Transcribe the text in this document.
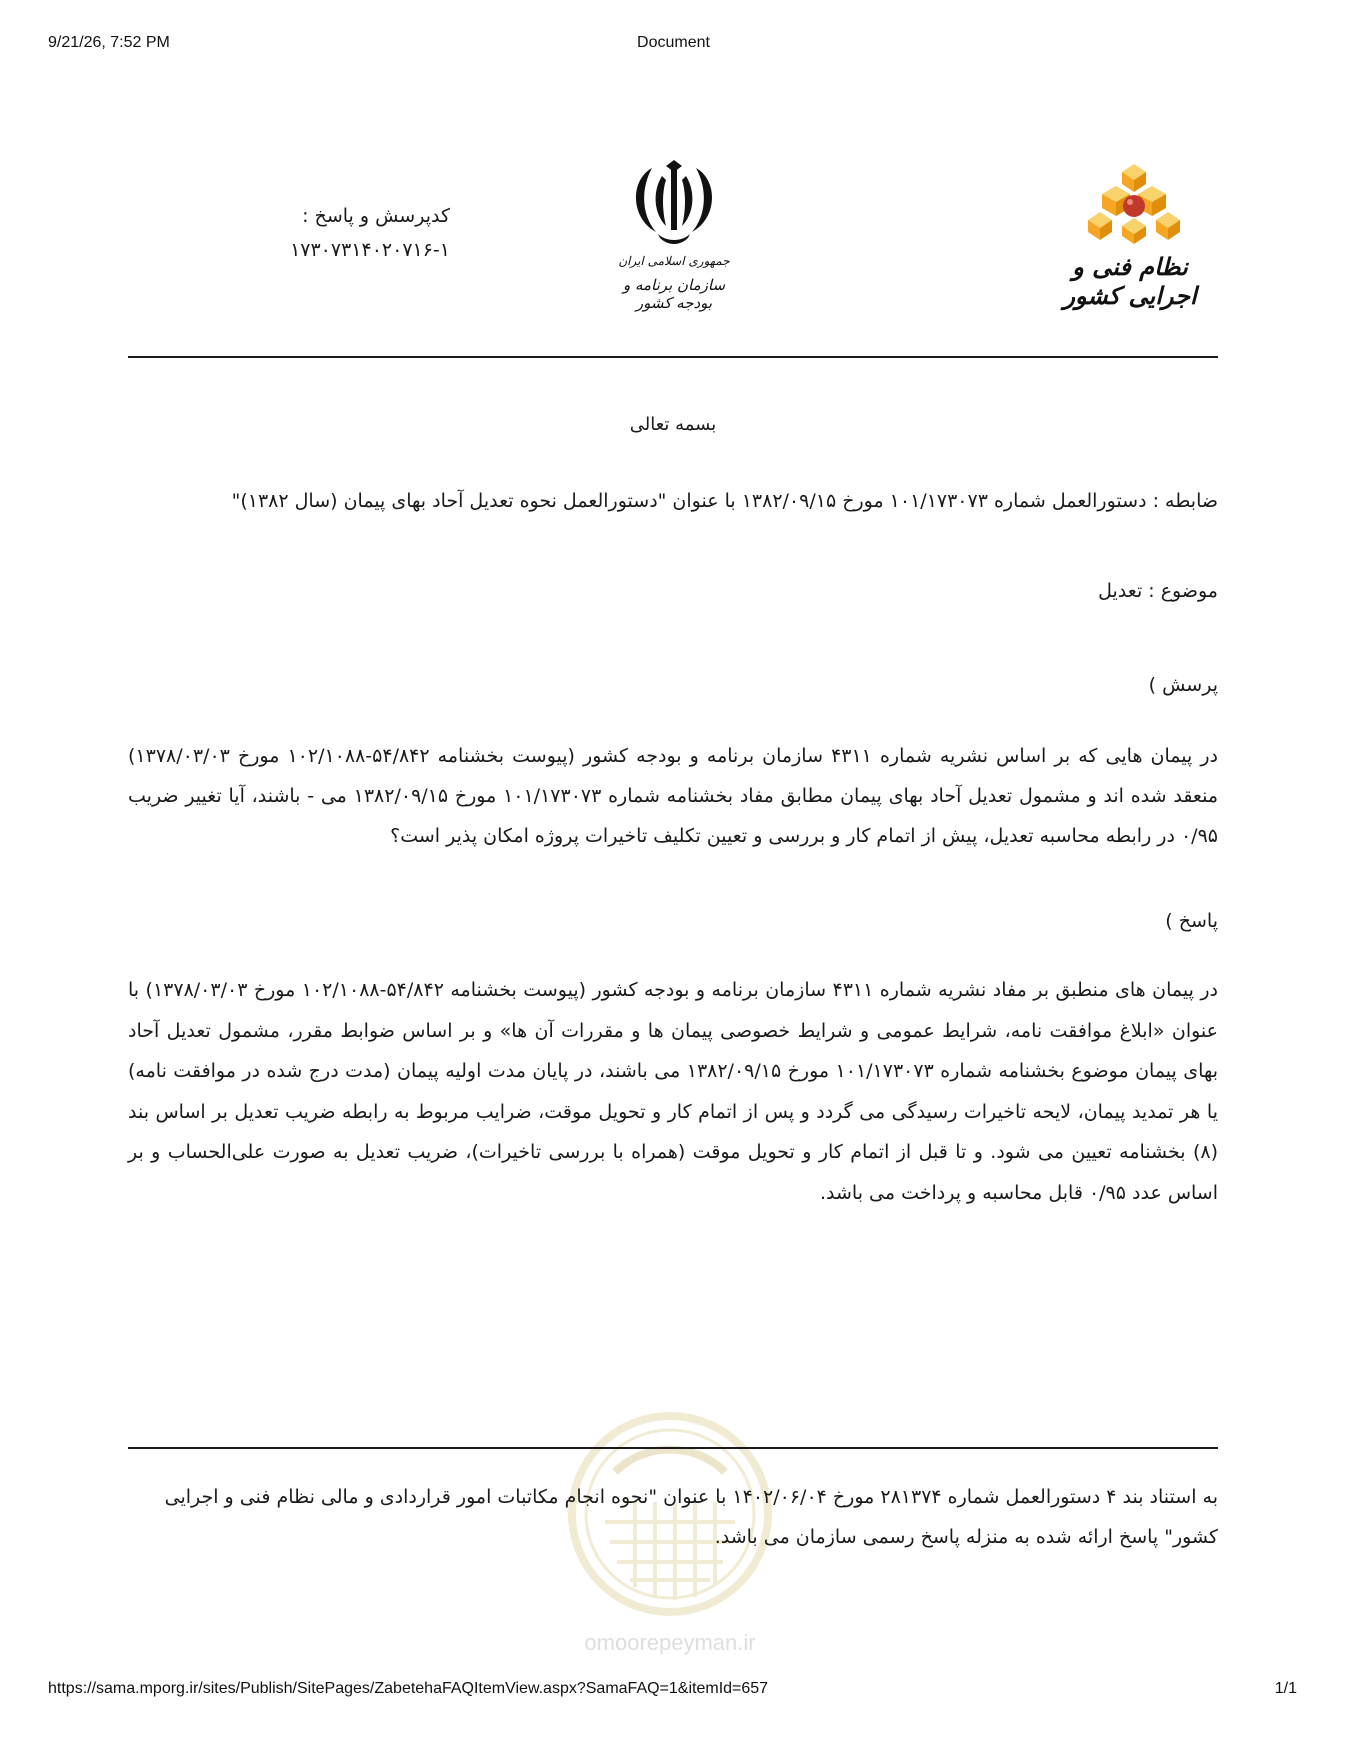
9/21/26, 7:52 PM	Document
نظام فنی و اجرایی کشور
جمهوری اسلامی ایران
سازمان برنامه و بودجه کشور
کدپرسش و پاسخ :
۱۷۳۰۷۳۱۴۰۲۰۷۱۶-۱
بسمه تعالی
ضابطه : دستورالعمل شماره ۱۰۱/۱۷۳۰۷۳ مورخ ۱۳۸۲/۰۹/۱۵ با عنوان "دستورالعمل نحوه تعدیل آحاد بهای پیمان (سال ۱۳۸۲)"
موضوع : تعدیل
پرسش )
در پیمان هایی که بر اساس نشریه شماره ۴۳۱۱ سازمان برنامه و بودجه کشور (پیوست بخشنامه ۵۴/۸۴۲-۱۰۲/۱۰۸۸ مورخ ۱۳۷۸/۰۳/۰۳) منعقد شده اند و مشمول تعدیل آحاد بهای پیمان مطابق مفاد بخشنامه شماره ۱۰۱/۱۷۳۰۷۳ مورخ ۱۳۸۲/۰۹/۱۵ می - باشند، آیا تغییر ضریب ۰/۹۵ در رابطه محاسبه تعدیل، پیش از اتمام کار و بررسی و تعیین تکلیف تاخیرات پروژه امکان پذیر است؟
پاسخ )
در پیمان های منطبق بر مفاد نشریه شماره ۴۳۱۱ سازمان برنامه و بودجه کشور (پیوست بخشنامه ۵۴/۸۴۲-۱۰۲/۱۰۸۸ مورخ ۱۳۷۸/۰۳/۰۳) با عنوان «ابلاغ موافقت نامه، شرایط عمومی و شرایط خصوصی پیمان ها و مقررات آن ها» و بر اساس ضوابط مقرر، مشمول تعدیل آحاد بهای پیمان موضوع بخشنامه شماره ۱۰۱/۱۷۳۰۷۳ مورخ ۱۳۸۲/۰۹/۱۵ می باشند، در پایان مدت اولیه پیمان (مدت درج شده در موافقت نامه) یا هر تمدید پیمان، لایحه تاخیرات رسیدگی می گردد و پس از اتمام کار و تحویل موقت، ضرایب مربوط به رابطه ضریب تعدیل بر اساس بند (۸) بخشنامه تعیین می شود. و تا قبل از اتمام کار و تحویل موقت (همراه با بررسی تاخیرات)، ضریب تعدیل به صورت علی‌الحساب و بر اساس عدد ۰/۹۵ قابل محاسبه و پرداخت می باشد.
omoorepeyman.ir
به استناد بند ۴ دستورالعمل شماره ۲۸۱۳۷۴ مورخ ۱۴۰۲/۰۶/۰۴ با عنوان "نحوه انجام مکاتبات امور قراردادی و مالی نظام فنی و اجرایی کشور" پاسخ ارائه شده به منزله پاسخ رسمی سازمان می باشد.
https://sama.mporg.ir/sites/Publish/SitePages/ZabetehaFAQItemView.aspx?SamaFAQ=1&itemId=657	1/1
